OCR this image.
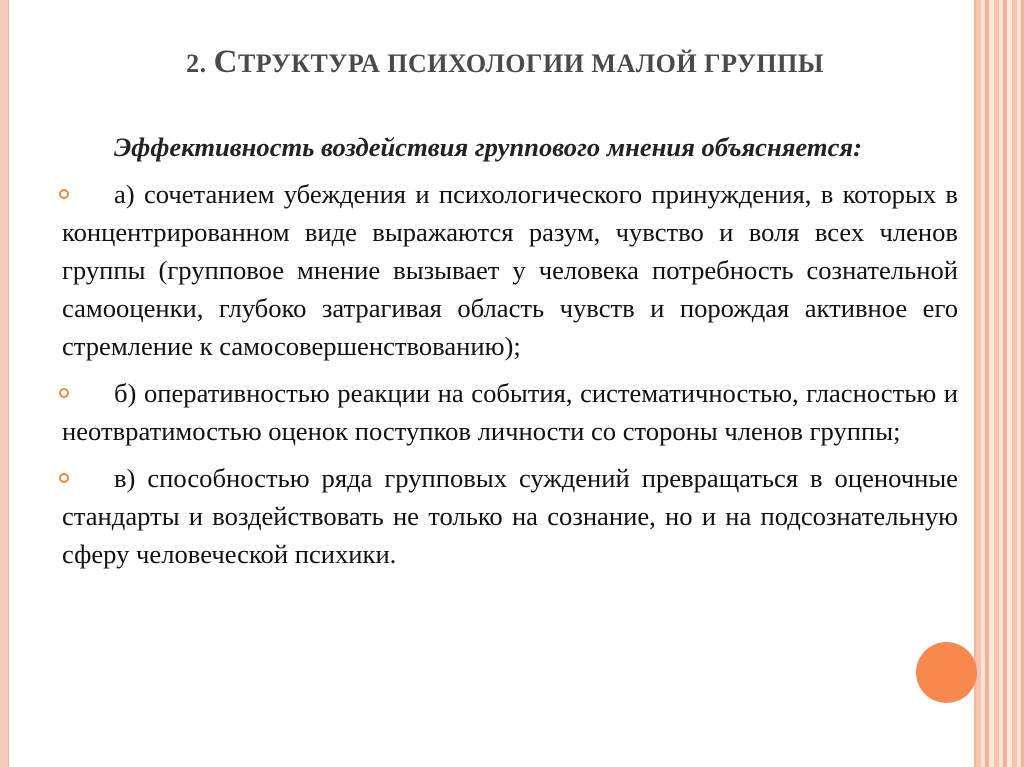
2. СТРУКТУРА ПСИХОЛОГИИ МАЛОЙ ГРУППЫ
Эффективность воздействия группового мнения объясняется:
а) сочетанием убеждения и психологического принуждения, в которых в концентрированном виде выражаются разум, чувство и воля всех членов группы (групповое мнение вызывает у человека потребность сознательной самооценки, глубоко затрагивая область чувств и порождая активное его стремление к самосовершенствованию);
б) оперативностью реакции на события, систематичностью, гласностью и неотвратимостью оценок поступков личности со стороны членов группы;
в) способностью ряда групповых суждений превращаться в оценочные стандарты и воздействовать не только на сознание, но и на подсознательную сферу человеческой психики.
